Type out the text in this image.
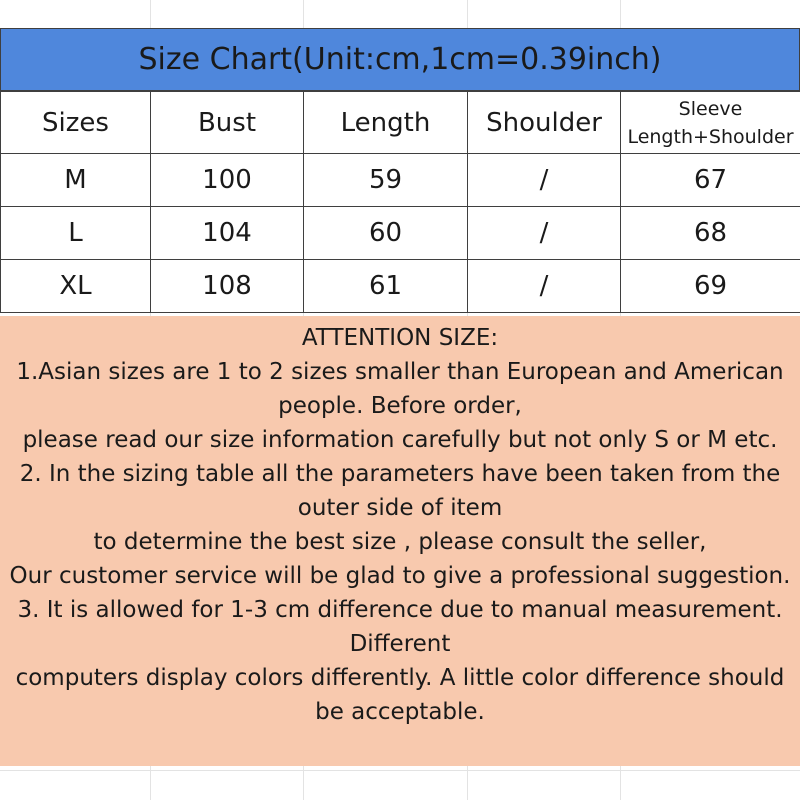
Size Chart(Unit:cm,1cm=0.39inch)
Sizes	Bust	Length	Shoulder	Sleeve
Length+Shoulder
M	100	59	/	67
L	104	60	/	68
XL	108	61	/	69

ATTENTION SIZE:

1.Asian sizes are 1 to 2 sizes smaller than European and American

people. Before order,

please read our size information carefully but not only S or M etc.

2. In the sizing table all the parameters have been taken from the

outer side of item

to determine the best size , please consult the seller,

Our customer service will be glad to give a professional suggestion.

3. It is allowed for 1-3 cm difference due to manual measurement.

Different

computers display colors differently. A little color difference should

be acceptable.
